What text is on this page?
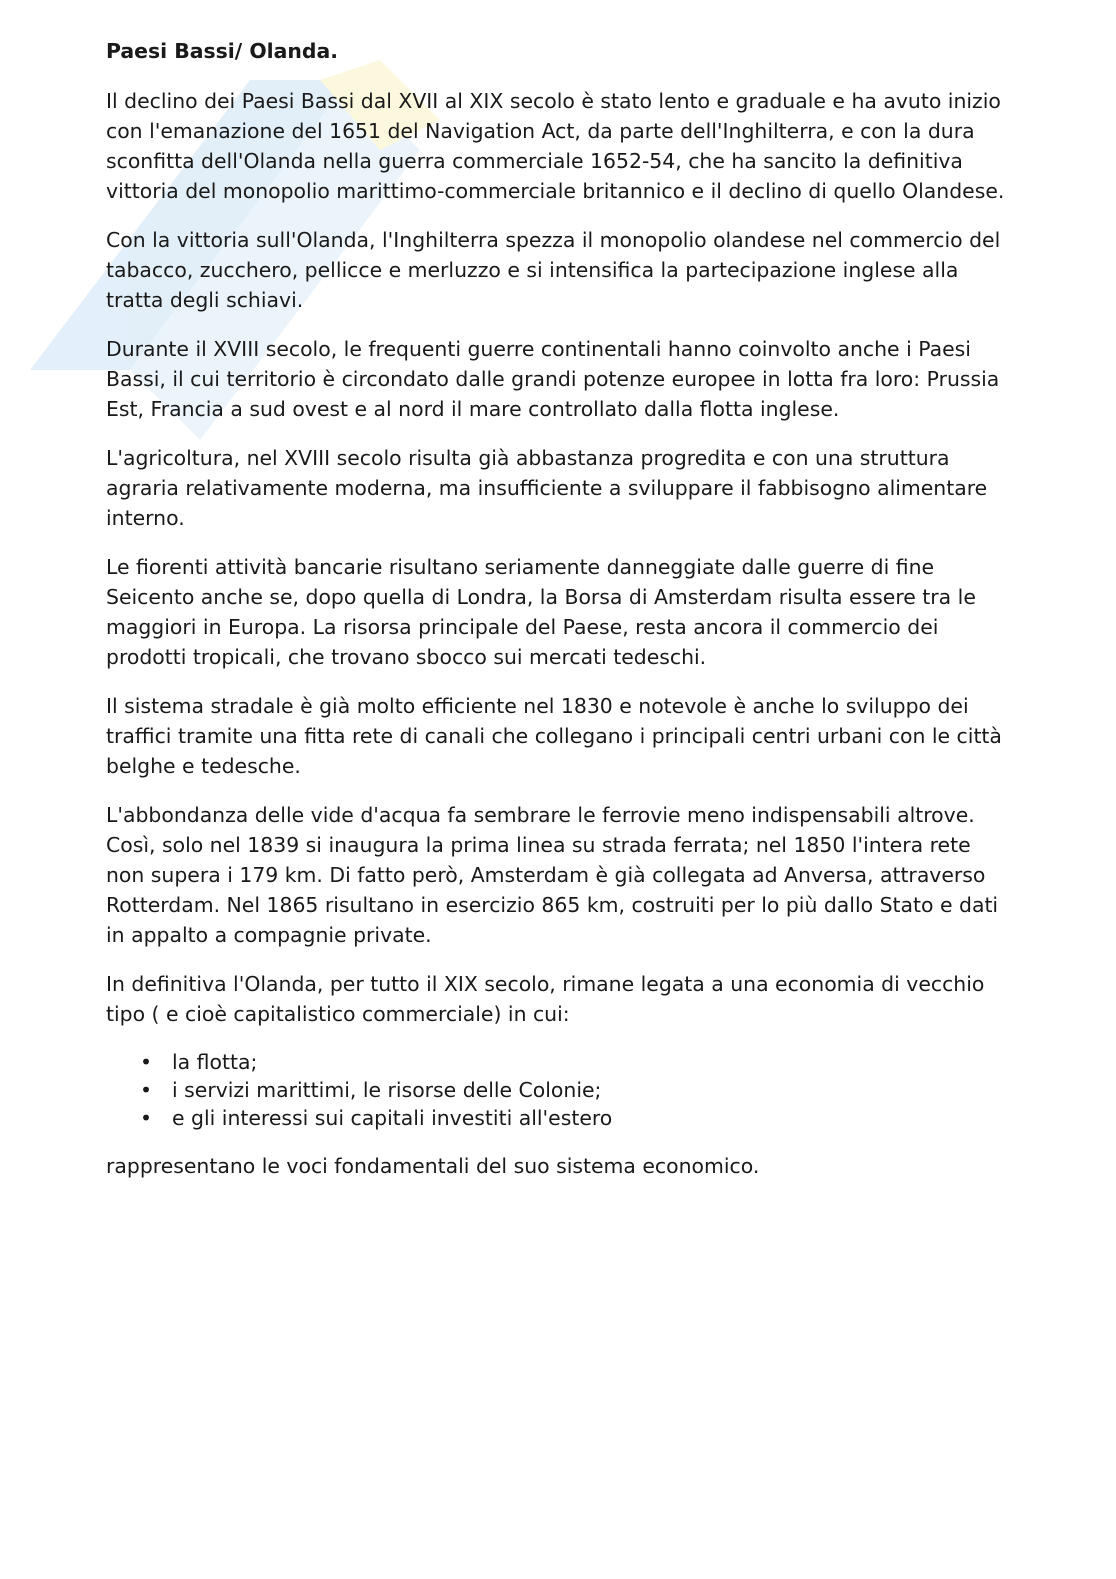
Paesi Bassi/ Olanda.

Il declino dei Paesi Bassi dal XVII al XIX secolo è stato lento e graduale e ha avuto inizio con l'emanazione del 1651 del Navigation Act, da parte dell'Inghilterra, e con la dura sconfitta dell'Olanda nella guerra commerciale 1652-54, che ha sancito la definitiva vittoria del monopolio marittimo-commerciale britannico e il declino di quello Olandese.

Con la vittoria sull'Olanda, l'Inghilterra spezza il monopolio olandese nel commercio del tabacco, zucchero, pellicce e merluzzo e si intensifica la partecipazione inglese alla tratta degli schiavi.

Durante il XVIII secolo, le frequenti guerre continentali hanno coinvolto anche i Paesi Bassi, il cui territorio è circondato dalle grandi potenze europee in lotta fra loro: Prussia Est, Francia a sud ovest e al nord il mare controllato dalla flotta inglese.

L'agricoltura, nel XVIII secolo risulta già abbastanza progredita e con una struttura agraria relativamente moderna, ma insufficiente a sviluppare il fabbisogno alimentare interno.

Le fiorenti attività bancarie risultano seriamente danneggiate dalle guerre di fine Seicento anche se, dopo quella di Londra, la Borsa di Amsterdam risulta essere tra le maggiori in Europa. La risorsa principale del Paese, resta ancora il commercio dei prodotti tropicali, che trovano sbocco sui mercati tedeschi.

Il sistema stradale è già molto efficiente nel 1830 e notevole è anche lo sviluppo dei traffici tramite una fitta rete di canali che collegano i principali centri urbani con le città belghe e tedesche.

L'abbondanza delle vide d'acqua fa sembrare le ferrovie meno indispensabili altrove. Così, solo nel 1839 si inaugura la prima linea su strada ferrata; nel 1850 l'intera rete non supera i 179 km. Di fatto però, Amsterdam è già collegata ad Anversa, attraverso Rotterdam. Nel 1865 risultano in esercizio 865 km, costruiti per lo più dallo Stato e dati in appalto a compagnie private.

In definitiva l'Olanda, per tutto il XIX secolo, rimane legata a una economia di vecchio tipo ( e cioè capitalistico commerciale) in cui:

• la flotta;
• i servizi marittimi, le risorse delle Colonie;
• e gli interessi sui capitali investiti all'estero

rappresentano le voci fondamentali del suo sistema economico.
